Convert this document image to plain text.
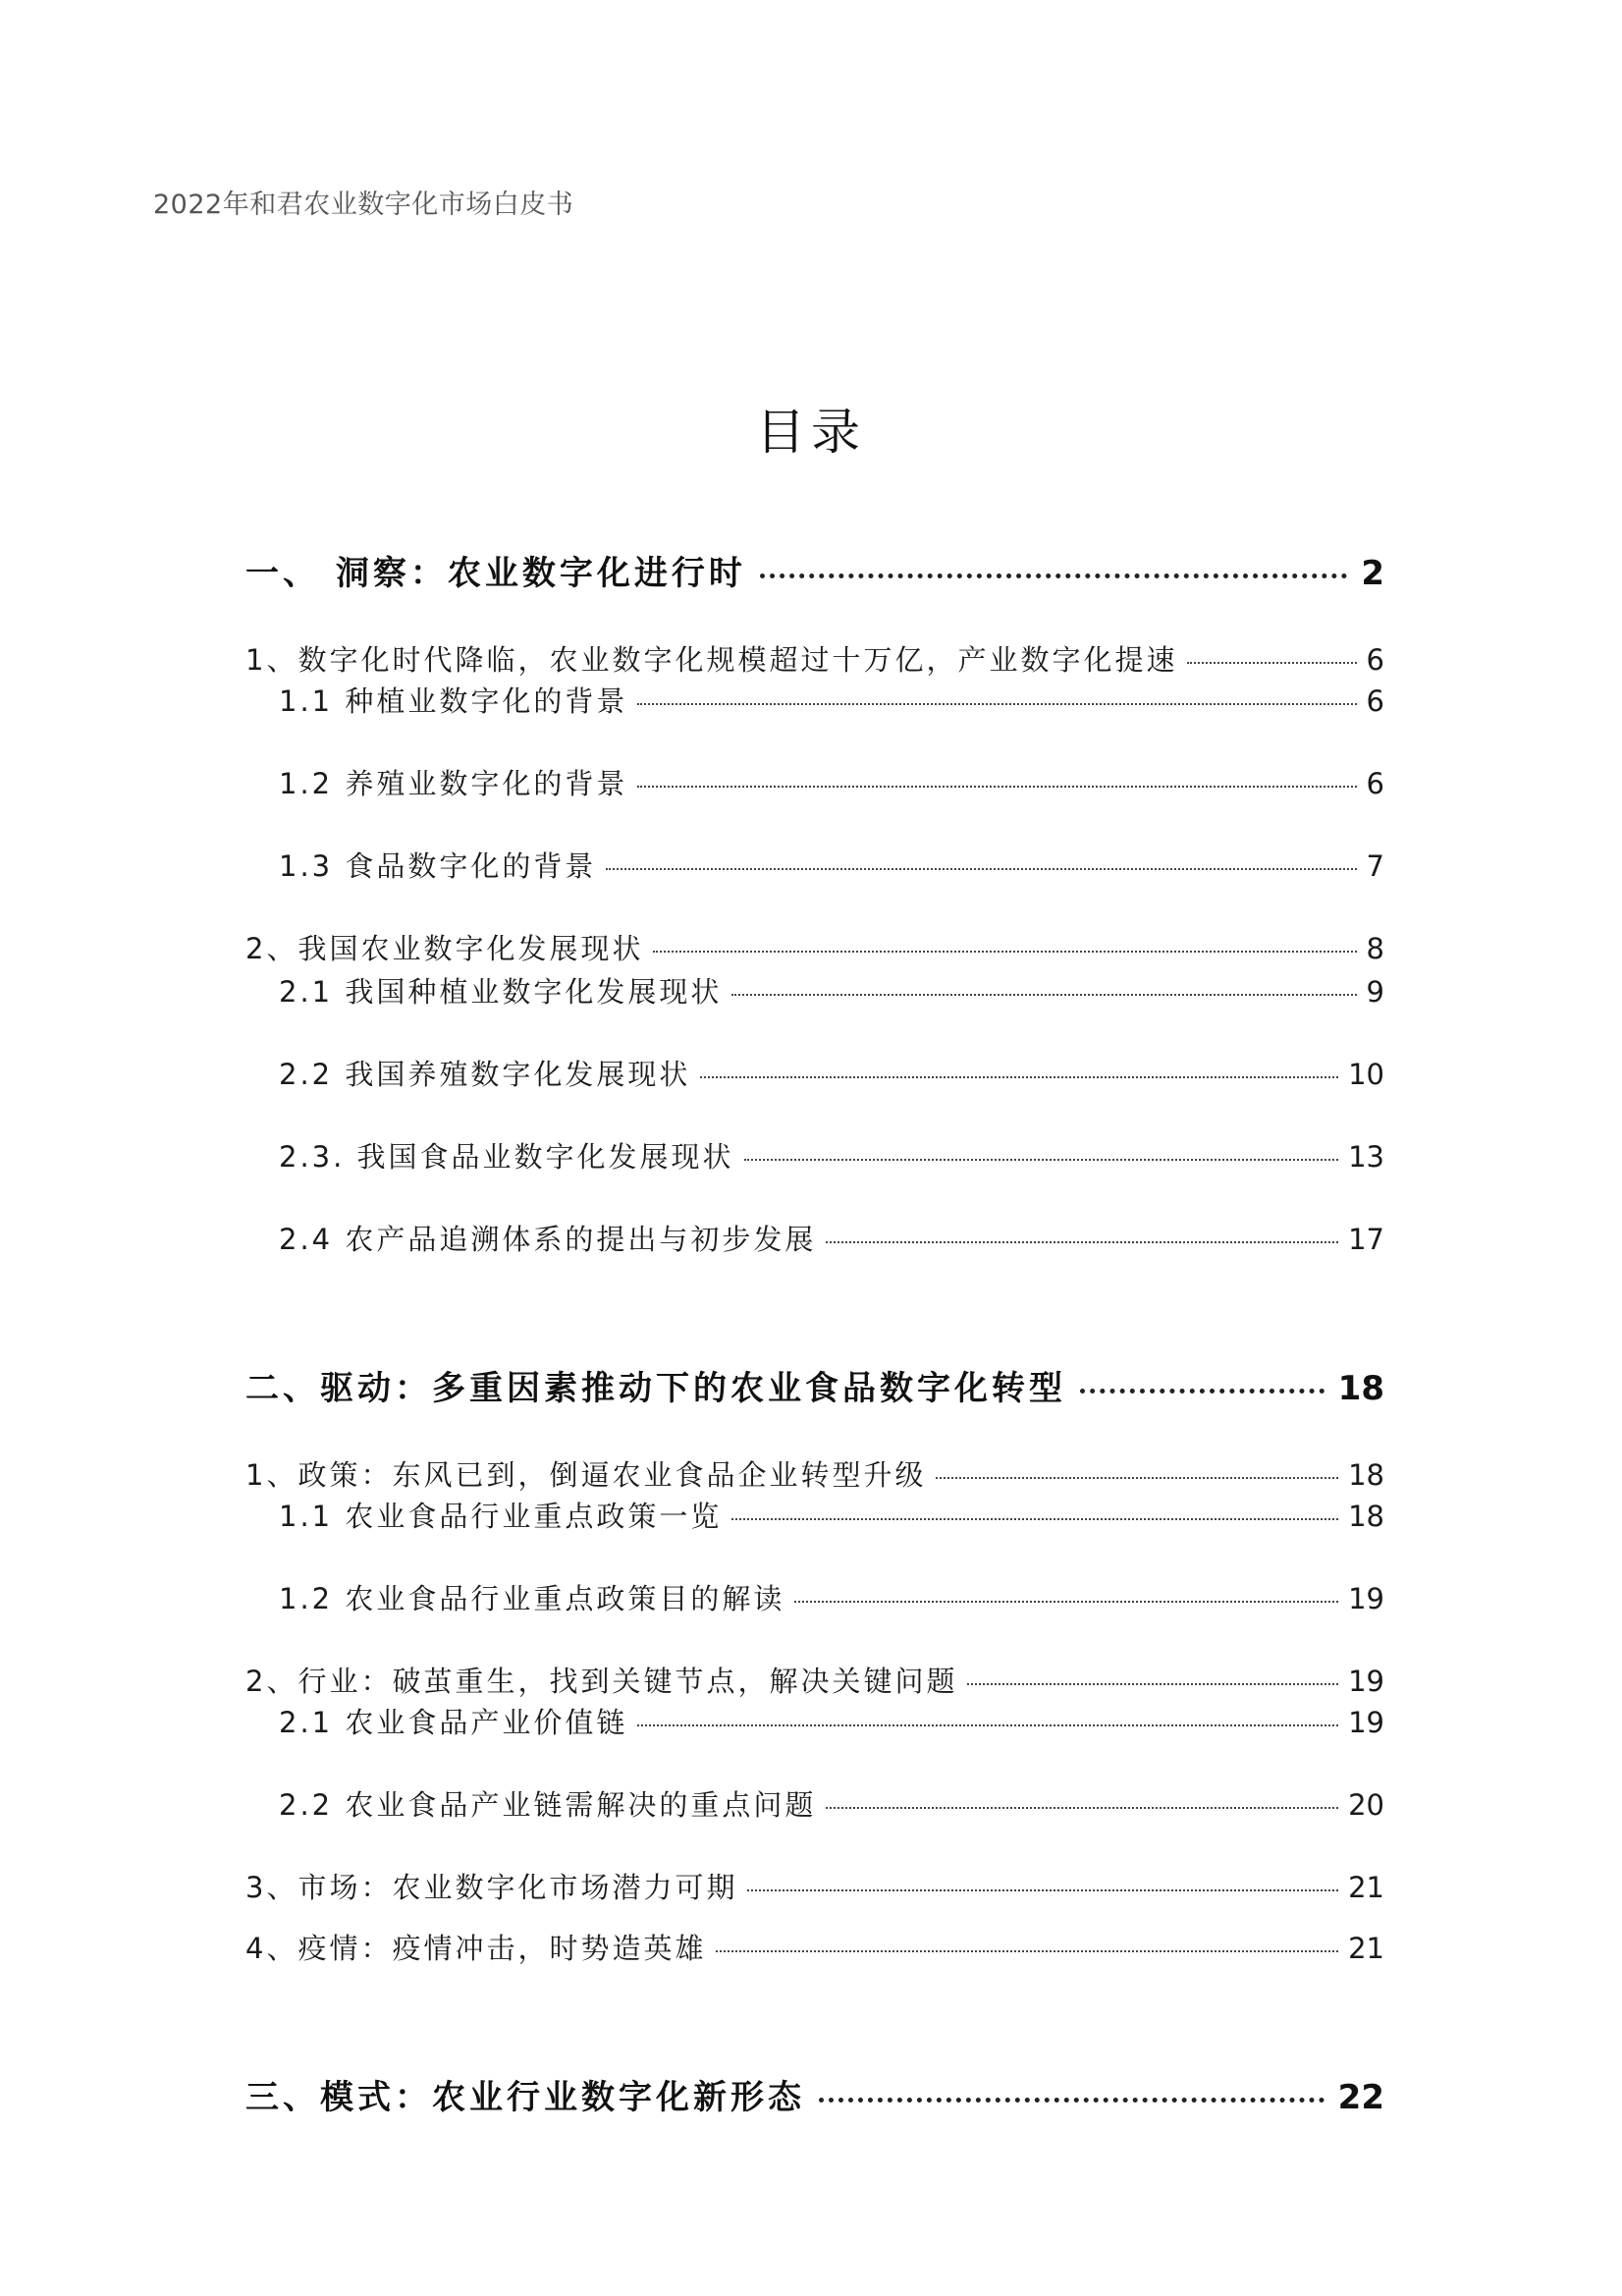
2022年和君农业数字化市场白皮书
目录
一、 洞察：农业数字化进行时	2
1、数字化时代降临，农业数字化规模超过十万亿，产业数字化提速	6
1.1 种植业数字化的背景	6
1.2 养殖业数字化的背景	6
1.3 食品数字化的背景	7
2、我国农业数字化发展现状	8
2.1 我国种植业数字化发展现状	9
2.2 我国养殖数字化发展现状	10
2.3. 我国食品业数字化发展现状	13
2.4 农产品追溯体系的提出与初步发展	17
二、驱动：多重因素推动下的农业食品数字化转型	18
1、政策：东风已到，倒逼农业食品企业转型升级	18
1.1 农业食品行业重点政策一览	18
1.2 农业食品行业重点政策目的解读	19
2、行业：破茧重生，找到关键节点，解决关键问题	19
2.1 农业食品产业价值链	19
2.2 农业食品产业链需解决的重点问题	20
3、市场：农业数字化市场潜力可期	21
4、疫情：疫情冲击，时势造英雄	21
三、模式：农业行业数字化新形态	22
